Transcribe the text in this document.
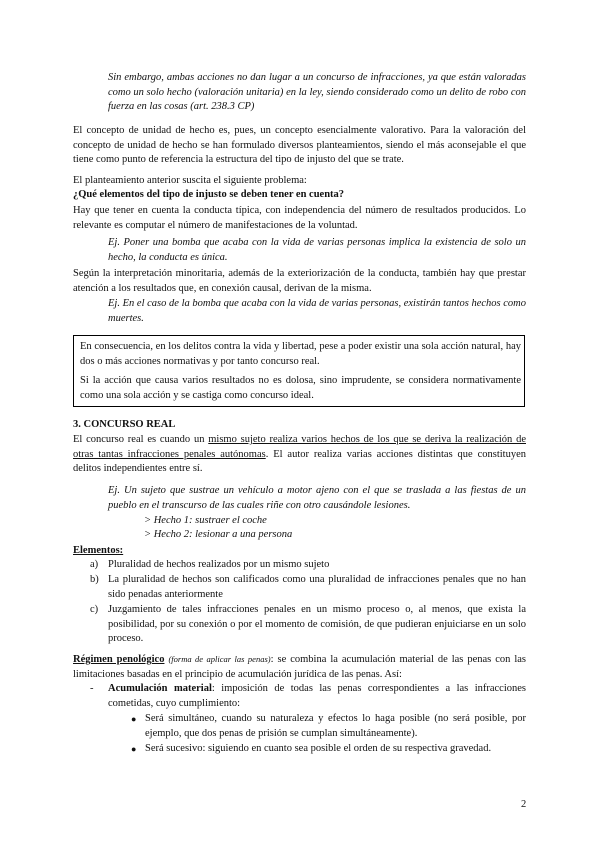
Sin embargo, ambas acciones no dan lugar a un concurso de infracciones, ya que están valoradas como un solo hecho (valoración unitaria) en la ley, siendo considerado como un delito de robo con fuerza en las cosas (art. 238.3 CP)

El concepto de unidad de hecho es, pues, un concepto esencialmente valorativo. Para la valoración del concepto de unidad de hecho se han formulado diversos planteamientos, siendo el más aconsejable el que tiene como punto de referencia la estructura del tipo de injusto del que se trate.

El planteamiento anterior suscita el siguiente problema:

¿Qué elementos del tipo de injusto se deben tener en cuenta?

Hay que tener en cuenta la conducta típica, con independencia del número de resultados producidos. Lo relevante es computar el número de manifestaciones de la voluntad.

Ej. Poner una bomba que acaba con la vida de varias personas implica la existencia de solo un hecho, la conducta es única.

Según la interpretación minoritaria, además de la exteriorización de la conducta, también hay que prestar atención a los resultados que, en conexión causal, derivan de la misma.

Ej. En el caso de la bomba que acaba con la vida de varias personas, existirán tantos hechos como muertes.

En consecuencia, en los delitos contra la vida y libertad, pese a poder existir una sola acción natural, hay dos o más acciones normativas y por tanto concurso real.

Si la acción que causa varios resultados no es dolosa, sino imprudente, se considera normativamente como una sola acción y se castiga como concurso ideal.

3. CONCURSO REAL

El concurso real es cuando un mismo sujeto realiza varios hechos de los que se deriva la realización de otras tantas infracciones penales autónomas. El autor realiza varias acciones distintas que constituyen delitos independientes entre sí.

Ej. Un sujeto que sustrae un vehículo a motor ajeno con el que se traslada a las fiestas de un pueblo en el transcurso de las cuales riñe con otro causándole lesiones.

> Hecho 1: sustraer el coche

> Hecho 2: lesionar a una persona

Elementos:

a) Pluralidad de hechos realizados por un mismo sujeto

b) La pluralidad de hechos son calificados como una pluralidad de infracciones penales que no han sido penadas anteriormente

c) Juzgamiento de tales infracciones penales en un mismo proceso o, al menos, que exista la posibilidad, por su conexión o por el momento de comisión, de que pudieran enjuiciarse en un solo proceso.

Régimen penológico (forma de aplicar las penas): se combina la acumulación material de las penas con las limitaciones basadas en el principio de acumulación jurídica de las penas. Así:

- Acumulación material: imposición de todas las penas correspondientes a las infracciones cometidas, cuyo cumplimiento:

● Será simultáneo, cuando su naturaleza y efectos lo haga posible (no será posible, por ejemplo, que dos penas de prisión se cumplan simultáneamente).

● Será sucesivo: siguiendo en cuanto sea posible el orden de su respectiva gravedad.

2
